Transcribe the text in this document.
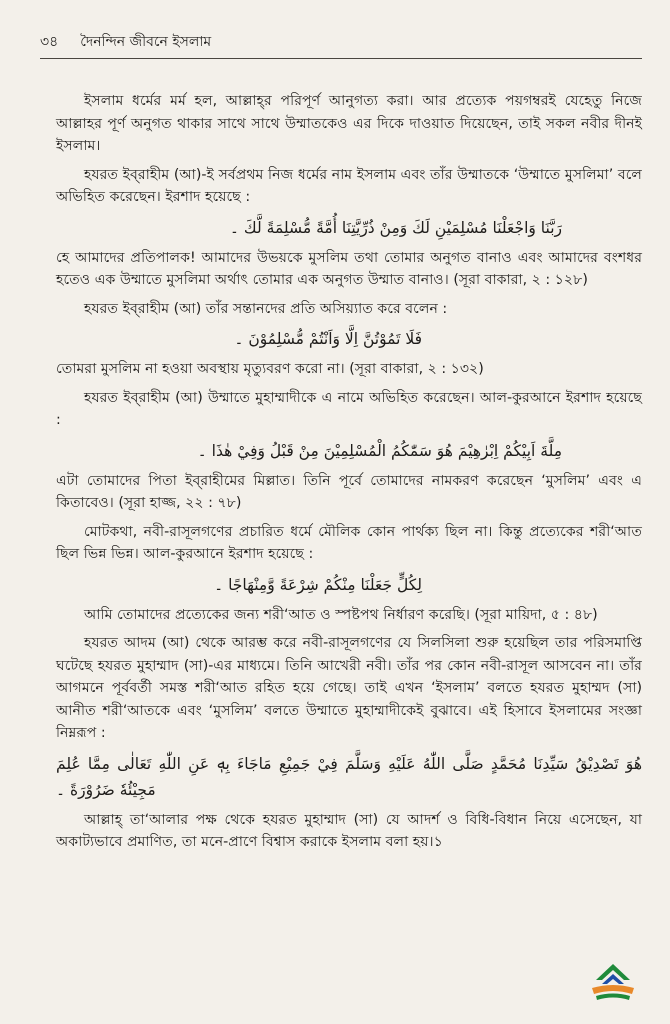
৩৪ দৈনন্দিন জীবনে ইসলাম

ইসলাম ধর্মের মর্ম হল, আল্লাহ্‌র পরিপূর্ণ আনুগত্য করা। আর প্রত্যেক পয়গম্বরই যেহেতু নিজে আল্লাহর পূর্ণ অনুগত থাকার সাথে সাথে উম্মাতকেও এর দিকে দাওয়াত দিয়েছেন, তাই সকল নবীর দীনই ইসলাম।

হযরত ইব্‌রাহীম (আ)-ই সর্বপ্রথম নিজ ধর্মের নাম ইসলাম এবং তাঁর উম্মাতকে ‘উম্মাতে মুসলিমা’ বলে অভিহিত করেছেন। ইরশাদ হয়েছে :

رَبَّنَا وَاجْعَلْنَا مُسْلِمَيْنِ لَكَ وَمِنْ ذُرِّيَّتِنَا أُمَّةً مُّسْلِمَةً لَّكَ ۔

হে আমাদের প্রতিপালক! আমাদের উভয়কে মুসলিম তথা তোমার অনুগত বানাও এবং আমাদের বংশধর হতেও এক উম্মাতে মুসলিমা অর্থাৎ তোমার এক অনুগত উম্মাত বানাও। (সূরা বাকারা, ২ : ১২৮)

হযরত ইব্‌রাহীম (আ) তাঁর সন্তানদের প্রতি অসিয়্যাত করে বলেন :

فَلَا تَمُوْتُنَّ اِلَّا وَاَنْتُمْ مُّسْلِمُوْنَ ۔

তোমরা মুসলিম না হওয়া অবস্থায় মৃত্যুবরণ করো না। (সূরা বাকারা, ২ : ১৩২)

হযরত ইব্‌রাহীম (আ) উম্মাতে মুহাম্মাদীকে এ নামে অভিহিত করেছেন। আল-কুরআনে ইরশাদ হয়েছে :

مِلَّةَ اَبِيْكُمْ اِبْرٰهِيْمَ هُوَ سَمّٰكُمُ الْمُسْلِمِيْنَ مِنْ قَبْلُ وَفِيْ هٰذَا ۔

এটা তোমাদের পিতা ইব্‌রাহীমের মিল্লাত। তিনি পূর্বে তোমাদের নামকরণ করেছেন ‘মুসলিম’ এবং এ কিতাবেও। (সূরা হাজ্জ, ২২ : ৭৮)

মোটকথা, নবী-রাসূলগণের প্রচারিত ধর্মে মৌলিক কোন পার্থক্য ছিল না। কিন্তু প্রত্যেকের শরী‘আত ছিল ভিন্ন ভিন্ন। আল-কুরআনে ইরশাদ হয়েছে :

لِكُلٍّ جَعَلْنَا مِنْكُمْ شِرْعَةً وَّمِنْهَاجًا ۔

আমি তোমাদের প্রত্যেকের জন্য শরী‘আত ও স্পষ্টপথ নির্ধারণ করেছি। (সূরা মায়িদা, ৫ : ৪৮)

হযরত আদম (আ) থেকে আরম্ভ করে নবী-রাসূলগণের যে সিলসিলা শুরু হয়েছিল তার পরিসমাপ্তি ঘটেছে হযরত মুহাম্মাদ (সা)-এর মাধ্যমে। তিনি আখেরী নবী। তাঁর পর কোন নবী-রাসূল আসবেন না। তাঁর আগমনে পূর্ববর্তী সমস্ত শরী‘আত রহিত হয়ে গেছে। তাই এখন ‘ইসলাম’ বলতে হযরত মুহাম্মদ (সা) আনীত শরী‘আতকে এবং ‘মুসলিম’ বলতে উম্মাতে মুহাম্মাদীকেই বুঝাবে। এই হিসাবে ইসলামের সংজ্ঞা নিম্নরূপ :

هُوَ تَصْدِيْقُ سَيِّدِنَا مُحَمَّدٍ صَلَّى اللّٰهُ عَلَيْهِ وَسَلَّمَ فِيْ جَمِيْعِ مَاجَاءَ بِهٖ عَنِ اللّٰهِ تَعَالٰى مِمَّا عُلِمَ مَجِيْئُهٗ ضَرُوْرَةً ۔

আল্লাহ্ তা‘আলার পক্ষ থেকে হযরত মুহাম্মাদ (সা) যে আদর্শ ও বিধি-বিধান নিয়ে এসেছেন, যা অকাট্যভাবে প্রমাণিত, তা মনে-প্রাণে বিশ্বাস করাকে ইসলাম বলা হয়।১
